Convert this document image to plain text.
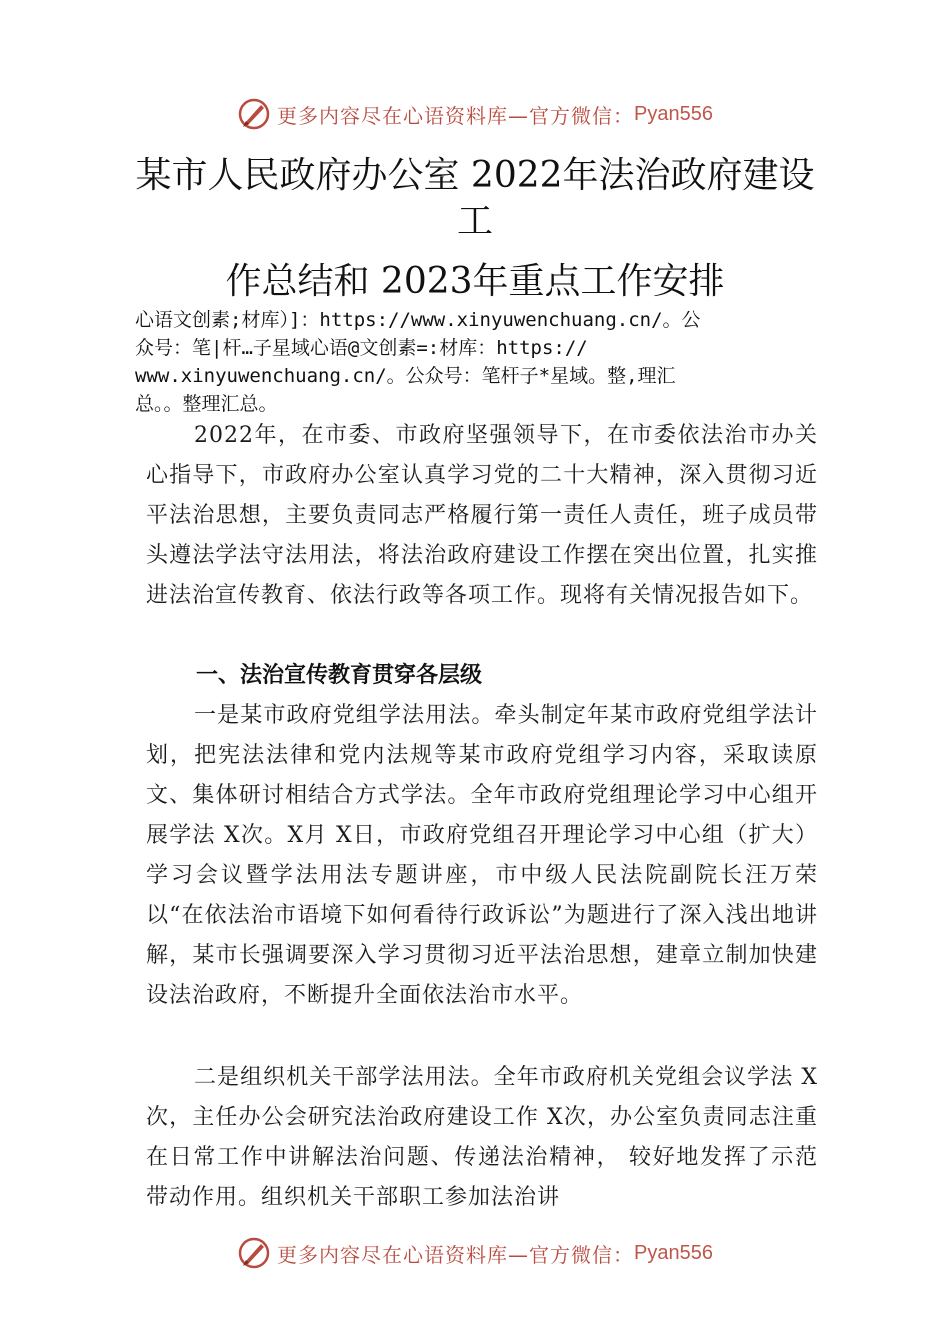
更多内容尽在心语资料库—官方微信： Pyan556
某市人民政府办公室 2022年法治政府建设
工
作总结和 2023年重点工作安排
心语文创素;材库）]：https://www.xinyuwenchuang.cn/。公
众号：笔|杆…子星域心语@文创素=:材库：https://
www.xinyuwenchuang.cn/。公众号：笔杆子*星域。整,理汇
总。。整理汇总。
2022年，在市委、市政府坚强领导下，在市委依法治市办关心指导下，市政府办公室认真学习党的二十大精神，深入贯彻习近平法治思想，主要负责同志严格履行第一责任人责任，班子成员带头遵法学法守法用法，将法治政府建设工作摆在突出位置，扎实推进法治宣传教育、依法行政等各项工作。现将有关情况报告如下。
一、法治宣传教育贯穿各层级
一是某市政府党组学法用法。牵头制定年某市政府党组学法计划，把宪法法律和党内法规等某市政府党组学习内容，采取读原文、集体研讨相结合方式学法。全年市政府党组理论学习中心组开展学法 X次。X月 X日，市政府党组召开理论学习中心组（扩大）学习会议暨学法用法专题讲座，市中级人民法院副院长汪万荣以“在依法治市语境下如何看待行政诉讼”为题进行了深入浅出地讲解，某市长强调要深入学习贯彻习近平法治思想，建章立制加快建设法治政府，不断提升全面依法治市水平。
二是组织机关干部学法用法。全年市政府机关党组会议学法 X次，主任办公会研究法治政府建设工作 X次，办公室负责同志注重在日常工作中讲解法治问题、传递法治精神， 较好地发挥了示范带动作用。组织机关干部职工参加法治讲
更多内容尽在心语资料库—官方微信： Pyan556
